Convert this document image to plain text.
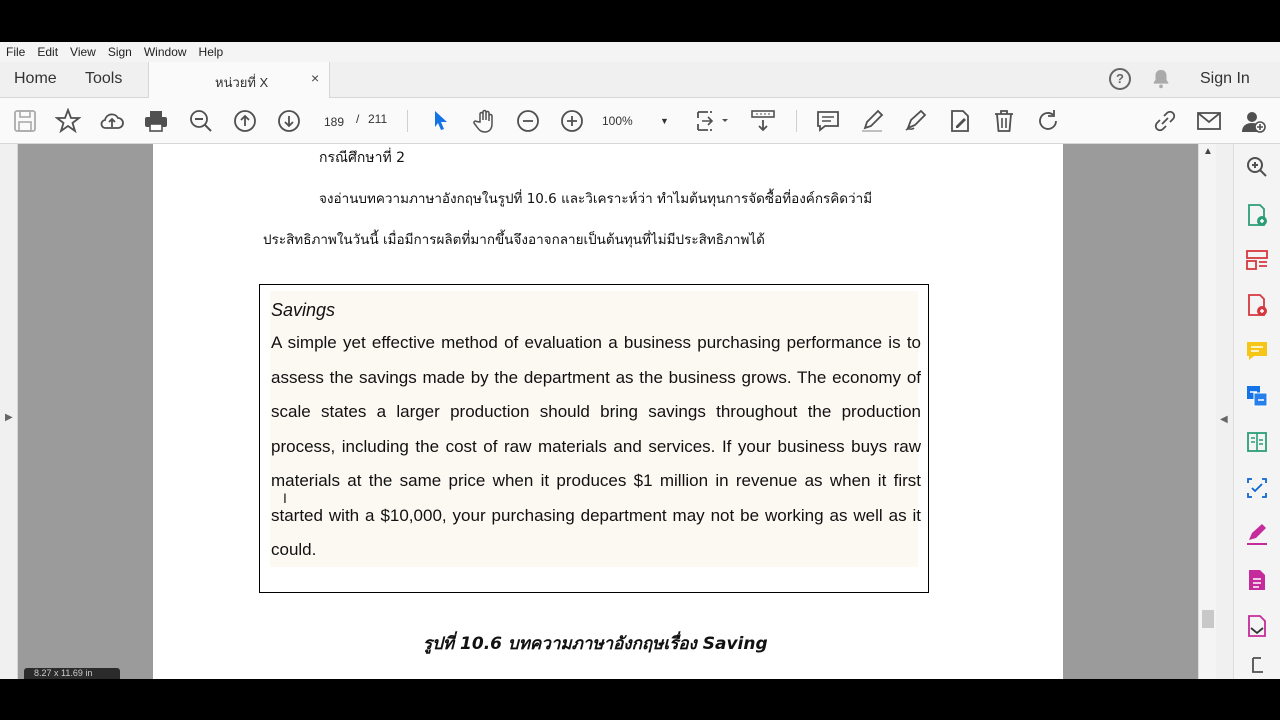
File Edit View Sign Window Help
Home Tools	หน่วยที่ X	×	?	Sign In
189 / 211	100%	▼
▶
กรณีศึกษาที่ 2
จงอ่านบทความภาษาอังกฤษในรูปที่ 10.6 และวิเคราะห์ว่า ทำไมต้นทุนการจัดซื้อที่องค์กรคิดว่ามี
ประสิทธิภาพในวันนี้ เมื่อมีการผลิตที่มากขึ้นจึงอาจกลายเป็นต้นทุนที่ไม่มีประสิทธิภาพได้
Savings
A simple yet effective method of evaluation a business purchasing performance is to assess the savings made by the department as the business grows. The economy of scale states a larger production should bring savings throughout the production process, including the cost of raw materials and services. If your business buys raw materials at the same price when it produces $1 million in revenue as when it first started with a $10,000, your purchasing department may not be working as well as it could.
รูปที่ 10.6 บทความภาษาอังกฤษเรื่อง Saving
8.27 x 11.69 in
I
▲
◀
